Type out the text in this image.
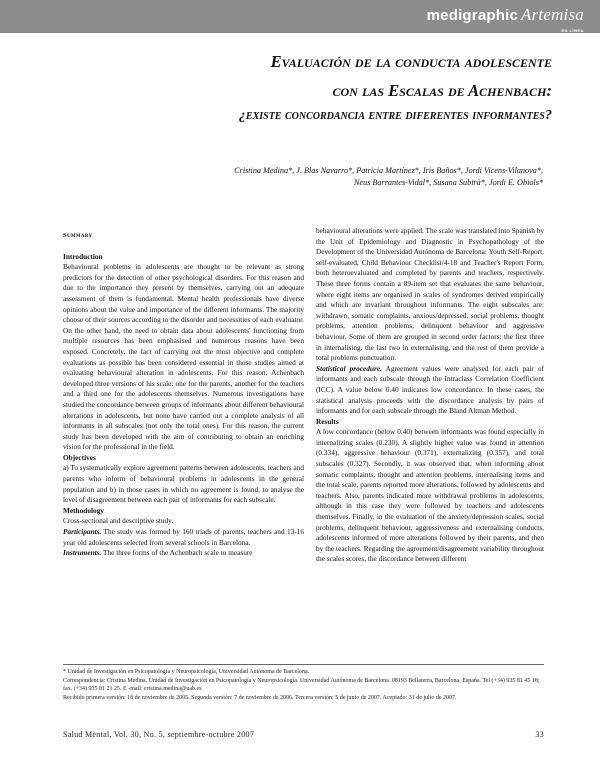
medigraphic Artemisa
EN LÍNEA
Evaluación de la conducta adolescente
con las Escalas de Achenbach:
¿existe concordancia entre diferentes informantes?
Cristina Medina*, J. Blas Navarro*, Patricia Martínez*, Iris Baños*, Jordi Vicens-Vilanova*,
Neus Barrantes-Vidal*, Susana Subirà*, Jordi E. Obiols*

Summary

Introduction

Behavioural problems in adolescents are thought to be relevant as strong predictors for the detection of other psychological disorders. For this reason and due to the importance they present by themselves, carrying out an adequate assessment of them is fundamental. Mental health professionals have diverse opinions about the value and importance of the different informants. The majority choose of their sources according to the disorder and necessities of each evaluator. On the other hand, the need to obtain data about adolescents' functioning from multiple resources has been emphasised and numerous reasons have been exposed. Concretely, the fact of carrying out the most objective and complete evaluations as possible has been considered essential in those studies aimed at evaluating behavioural alteration in adolescents. For this reason, Achenbach developed three versions of his scale: one for the parents, another for the teachers and a third one for the adolescents themselves. Numerous investigations have studied the concordance between groups of informants about different behavioural alterations in adolescents, but none have carried out a complete analysis of all informants in all subscales (not only the total ones). For this reason, the current study has been developed with the aim of contributing to obtain an enriching vision for the professional in the field.

Objectives

a) To systematically explore agreement patterns between adolescents, teachers and parents who inform of behavioural problems in adolescents in the general population and b) in those cases in which no agreement is found, to analyse the level of disagreement between each pair of informants for each subscale.

Methodology

Cross-sectional and descriptive study.

Participants. The study was formed by 160 triads of parents, teachers and 13-16 year old adolescents selected from several schools in Barcelona.

Instruments. The three forms of the Achenbach scale to measure

behavioural alterations were applied. The scale was translated into Spanish by the Unit of Epidemiology and Diagnostic in Psychopathology of the Development of the Universidad Autónoma de Barcelona: Youth Self-Report, self-evaluated, Child Behaviour Checklist/4-18 and Teacher's Report Form, both heteroevaluated and completed by parents and teachers, respectively. These three forms contain a 89-item set that evaluates the same behaviour, where eight items are organised in scales of syndromes derived empirically and which are invariant throughout informants. The eight subscales are: withdrawn, somatic complaints, anxious/depressed, social problems, thought problems, attention problems, delinquent behaviour and aggressive behaviour. Some of them are grouped in second order factors: the first three in internalising, the last two in externalising, and the rest of them provide a total problems punctuation.

Statistical procedure. Agreement values were analysed for each pair of informants and each subscale through the Intraclass Correlation Coefficient (ICC). A value below 0.40 indicates low concordance. In these cases, the statistical analysis proceeds with the discordance analysis by pairs of informants and for each subscale through the Bland Altman Method.

Results

A low concordance (below 0.40) between informants was found especially in internalizing scales (0.230). A slightly higher value was found in attention (0.334), aggressive behaviour (0.371), externalizing (0.357), and total subscales (0.327). Secondly, it was observed that, when informing about somatic complaints, thought and attention problems, internalising items and the total scale, parents reported more alterations, followed by adolescents and teachers. Also, parents indicated more withdrawal problems in adolescents, although in this case they were followed by teachers and adolescents themselves. Finally, in the evaluation of the anxiety/depression scales, social problems, delinquent behaviour, aggressiveness and externalising conducts, adolescents informed of more alterations followed by their parents, and then by the teachers. Regarding the agreement/disagreement variability throughout the scales scores, the discordance between different

* Unidad de Investigación en Psicopatología y Neuropsicología, Universidad Autónoma de Barcelona.

Correspondencia: Cristina Medina. Unidad de Investigación en Psicopatología y Neuropsicología. Universidad Autónoma de Barcelona. 08193 Bellaterra, Barcelona, España. Tel (+34) 935 81 45 18; fax. (+34) 935 81 21 25. E -mail: cristina.medina@uab.es

Recibido primera versión: 18 de noviembre de 2005. Segunda versión: 7 de noviembre de 2006. Tercera versión: 5 de junio de 2007. Aceptado: 31 de julio de 2007.

Salud Mental, Vol. 30, No. 5, septiembre-octubre 2007	33
